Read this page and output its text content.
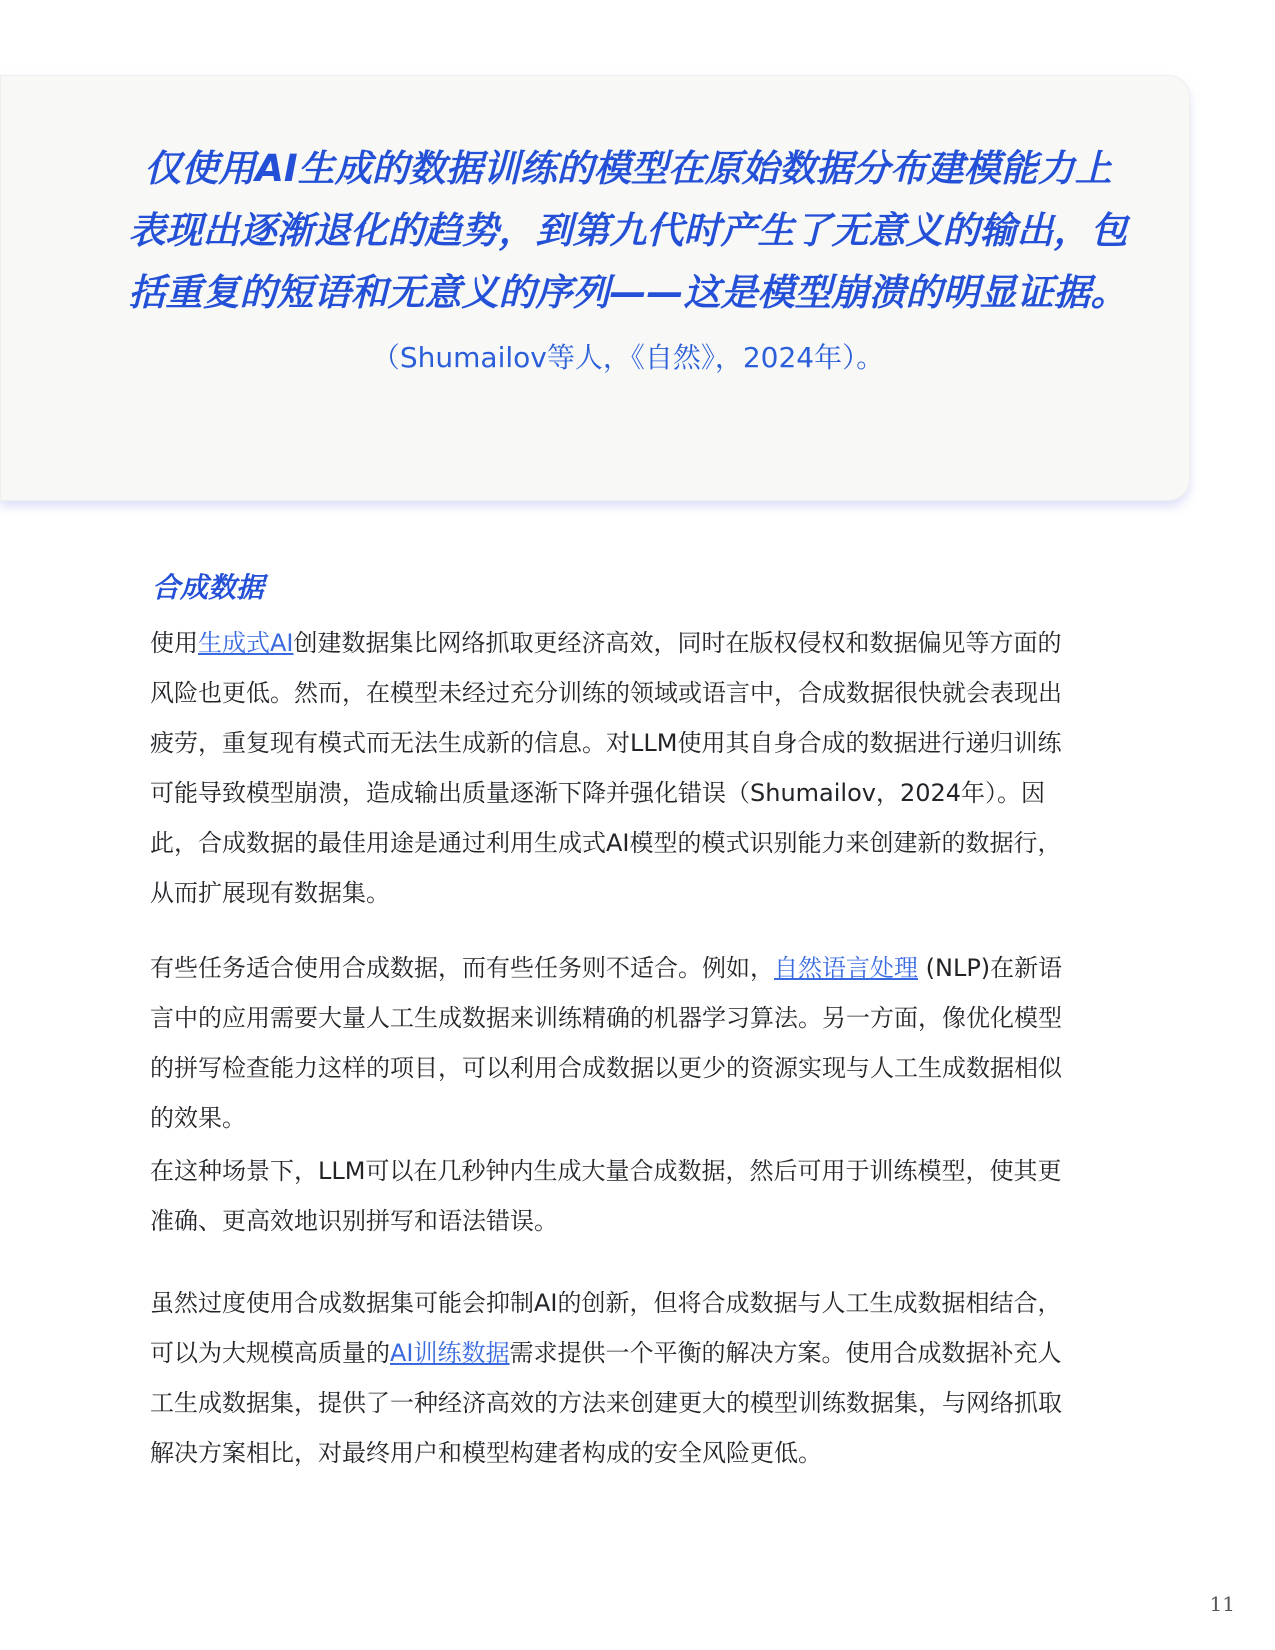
仅使用AI生成的数据训练的模型在原始数据分布建模能力上表现出逐渐退化的趋势，到第九代时产生了无意义的输出，包括重复的短语和无意义的序列——这是模型崩溃的明显证据。（Shumailov等人，《自然》，2024年）。

合成数据

使用生成式AI创建数据集比网络抓取更经济高效，同时在版权侵权和数据偏见等方面的风险也更低。然而，在模型未经过充分训练的领域或语言中，合成数据很快就会表现出疲劳，重复现有模式而无法生成新的信息。对LLM使用其自身合成的数据进行递归训练可能导致模型崩溃，造成输出质量逐渐下降并强化错误（Shumailov，2024年）。因此，合成数据的最佳用途是通过利用生成式AI模型的模式识别能力来创建新的数据行，从而扩展现有数据集。

有些任务适合使用合成数据，而有些任务则不适合。例如，自然语言处理 (NLP)在新语言中的应用需要大量人工生成数据来训练精确的机器学习算法。另一方面，像优化模型的拼写检查能力这样的项目，可以利用合成数据以更少的资源实现与人工生成数据相似的效果。

在这种场景下，LLM可以在几秒钟内生成大量合成数据，然后可用于训练模型，使其更准确、更高效地识别拼写和语法错误。

虽然过度使用合成数据集可能会抑制AI的创新，但将合成数据与人工生成数据相结合，可以为大规模高质量的AI训练数据需求提供一个平衡的解决方案。使用合成数据补充人工生成数据集，提供了一种经济高效的方法来创建更大的模型训练数据集，与网络抓取解决方案相比，对最终用户和模型构建者构成的安全风险更低。

11
